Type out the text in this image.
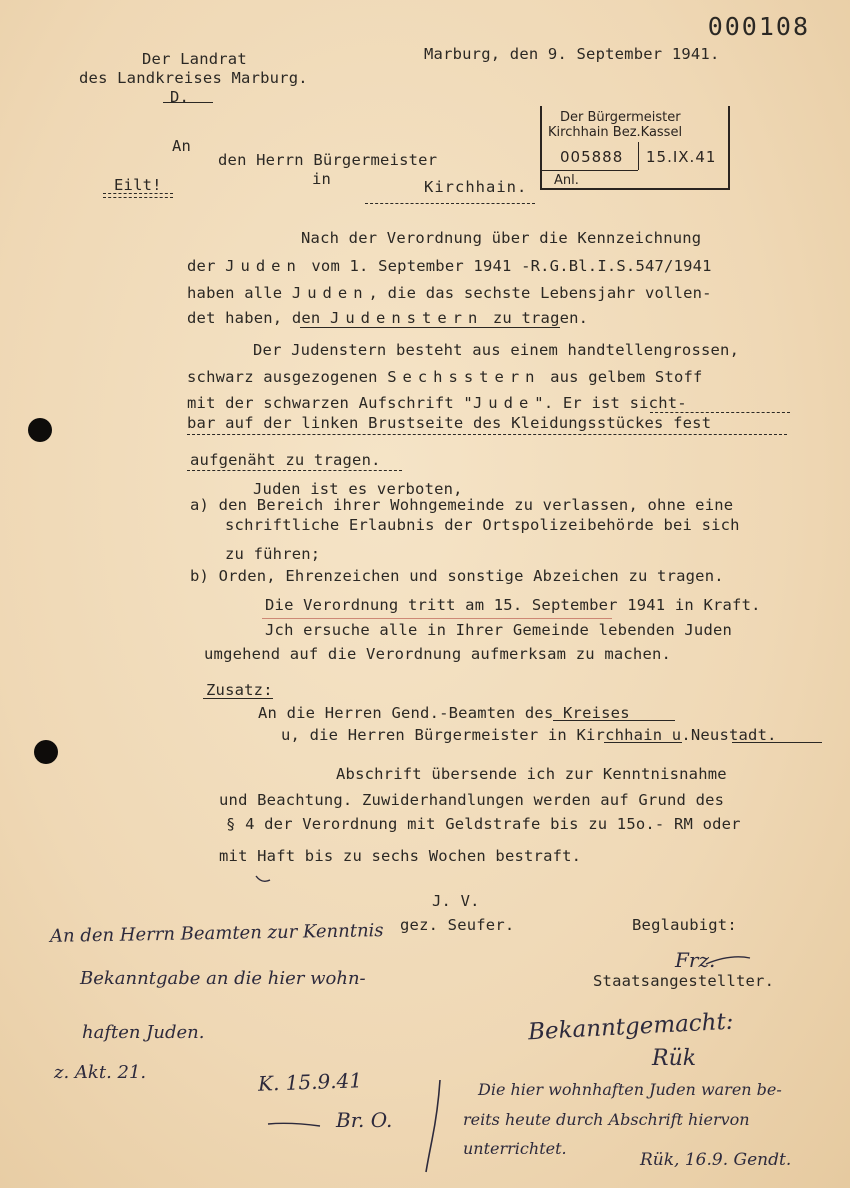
000108
Der Landrat
des Landkreises Marburg.
D.
Marburg, den 9. September 1941.
Der Bürgermeister
Kirchhain Bez.Kassel
005888 15.IX.41
Anl.
An
den Herrn Bürgermeister
in
Eilt!	Kirchhain.
Nach der Verordnung über die Kennzeichnung
der Juden vom 1. September 1941 -R.G.Bl.I.S.547/1941
haben alle Juden, die das sechste Lebensjahr vollen-
det haben, den Judenstern zu tragen.
Der Judenstern besteht aus einem handtellengrossen,
schwarz ausgezogenen Sechsstern aus gelbem Stoff
mit der schwarzen Aufschrift "Jude". Er ist sicht-
bar auf der linken Brustseite des Kleidungsstückes fest
aufgenäht zu tragen.
Juden ist es verboten,
a) den Bereich ihrer Wohngemeinde zu verlassen, ohne eine
schriftliche Erlaubnis der Ortspolizeibehörde bei sich
zu führen;
b) Orden, Ehrenzeichen und sonstige Abzeichen zu tragen.
Die Verordnung tritt am 15. September 1941 in Kraft.
Jch ersuche alle in Ihrer Gemeinde lebenden Juden
umgehend auf die Verordnung aufmerksam zu machen.
Zusatz:
An die Herren Gend.-Beamten des Kreises
u, die Herren Bürgermeister in Kirchhain u.Neustadt.
Abschrift übersende ich zur Kenntnisnahme
und Beachtung. Zuwiderhandlungen werden auf Grund des
§ 4 der Verordnung mit Geldstrafe bis zu 15o.- RM oder
mit Haft bis zu sechs Wochen bestraft.
J. V.
gez. Seufer.	Beglaubigt:
Staatsangestellter.
An den Herrn Beamten zur Kenntnis
Bekanntgabe an die hier wohn-
haften Juden.
z. Akt. 21.	K. 15.9.41
Br. O.
Frz.
Bekanntgemacht:
Rük
Die hier wohnhaften Juden waren be-
reits heute durch Abschrift hiervon
unterrichtet.
Rük, 16.9. Gendt.
